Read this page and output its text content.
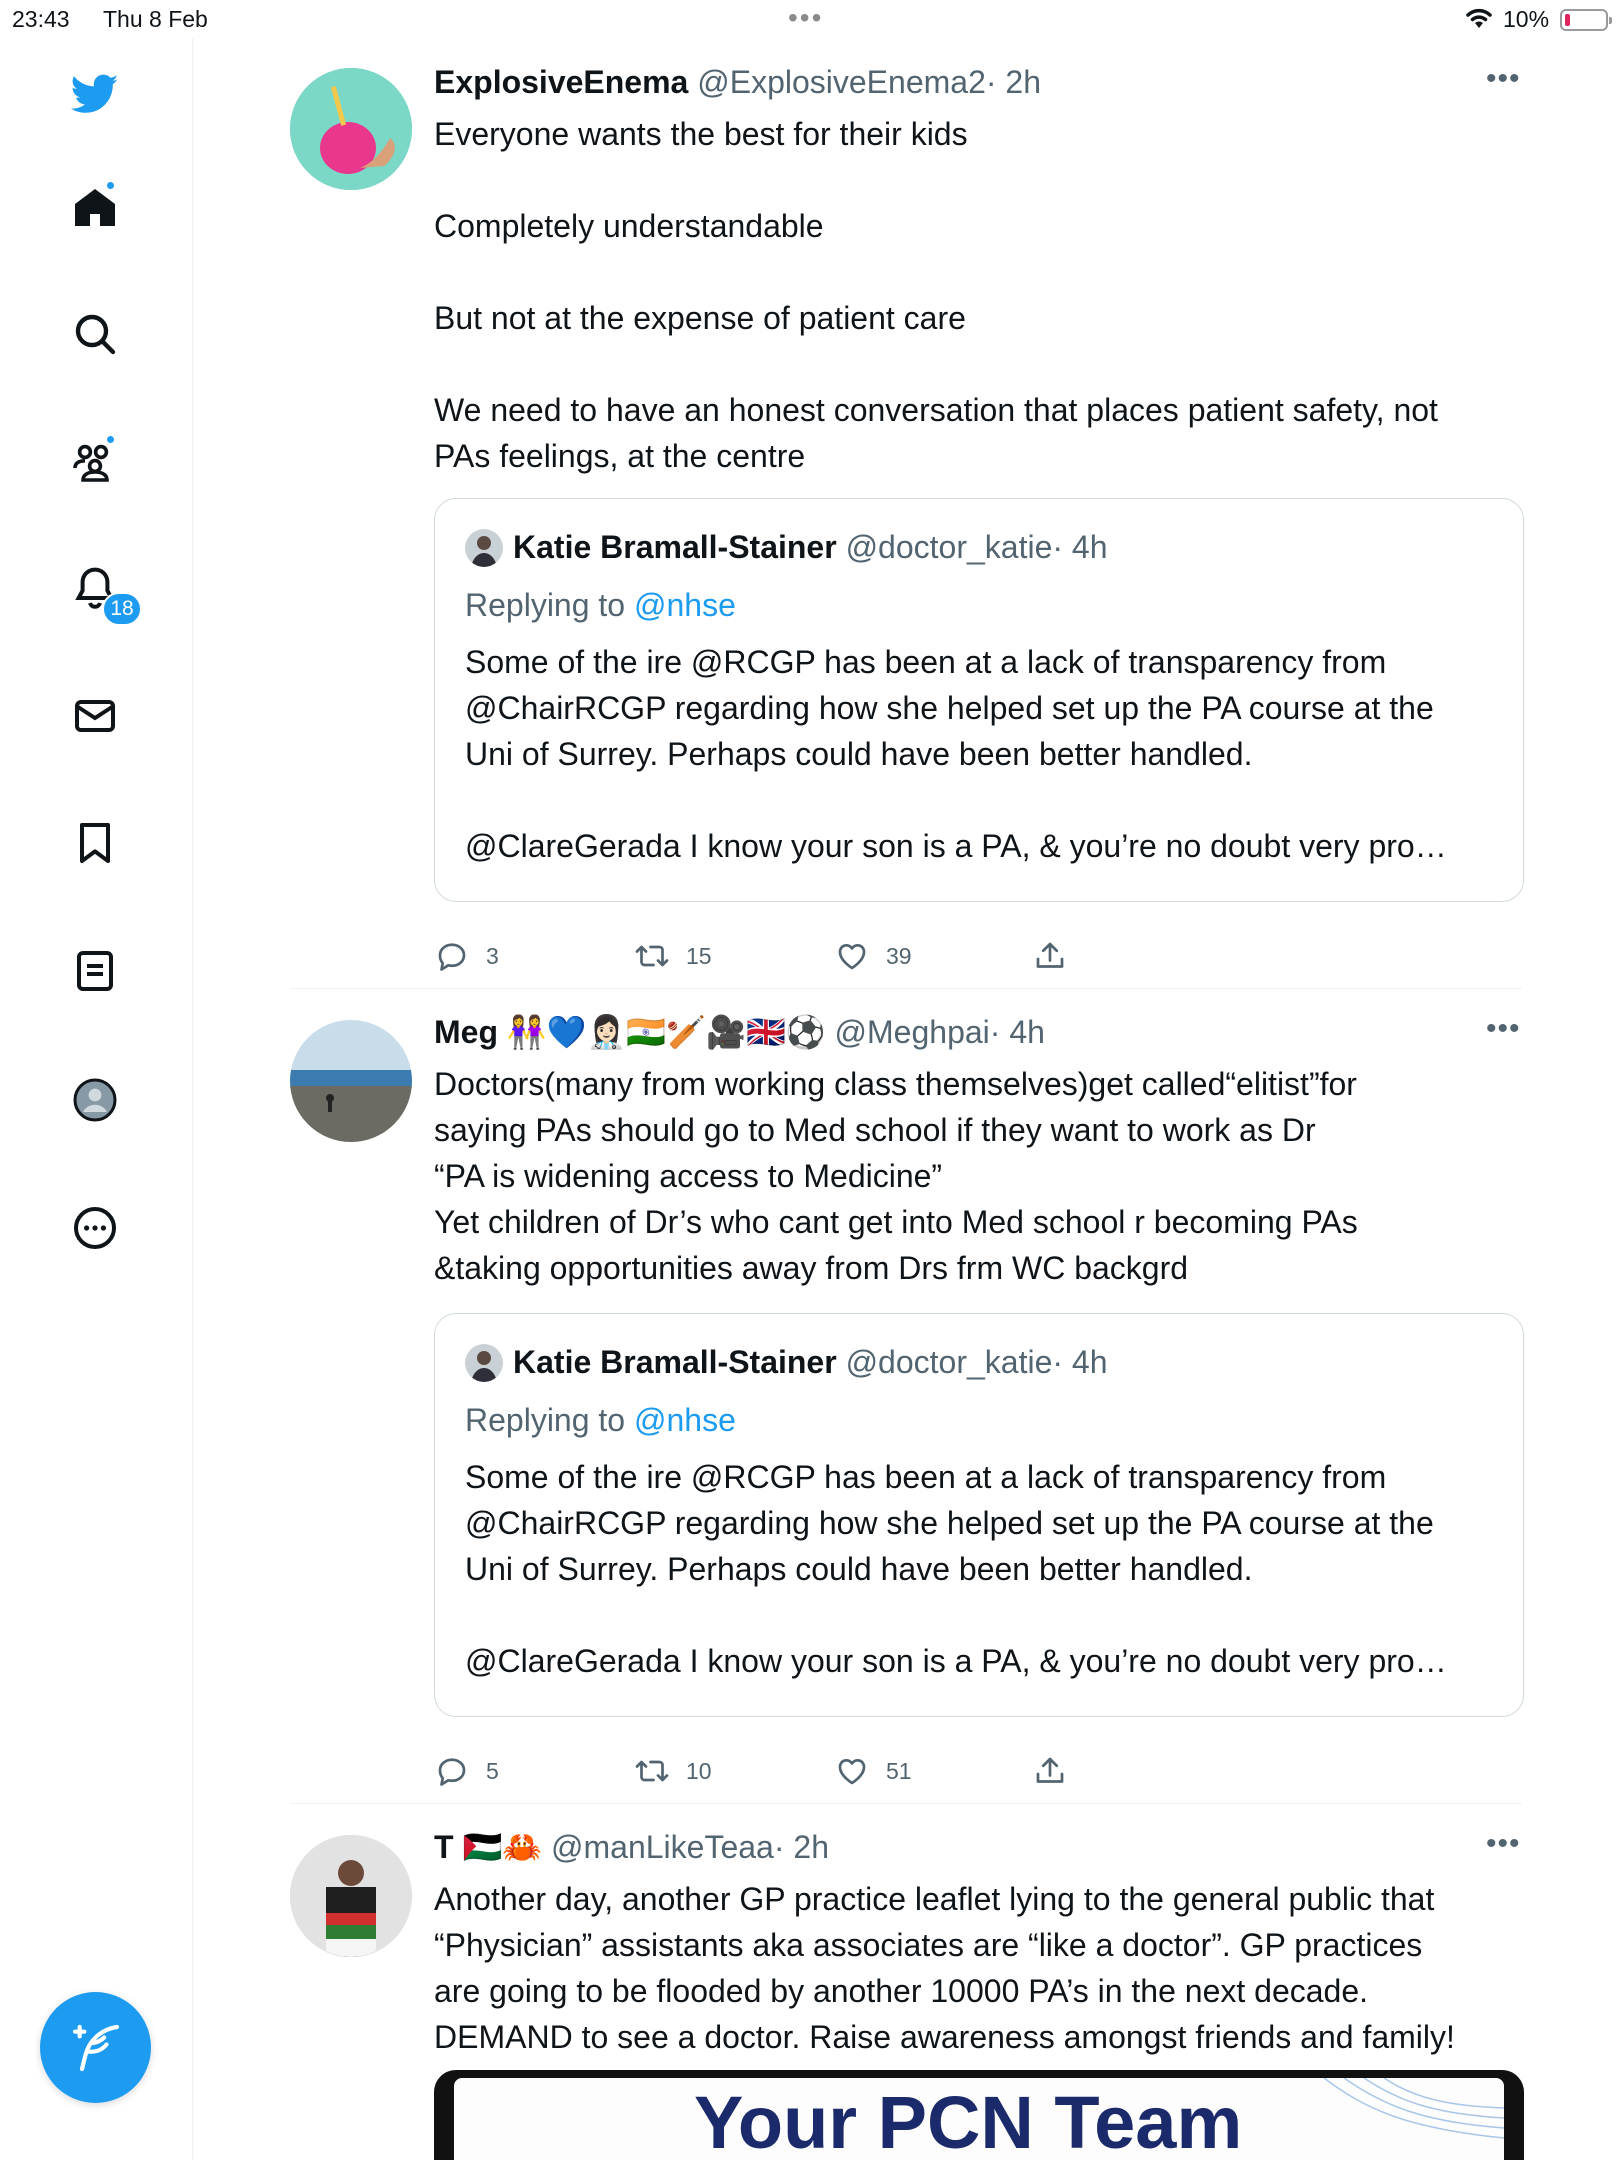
23:43 Thu 8 Feb	•••	10%
18
ExplosiveEnema @ExplosiveEnema2· 2h	•••

Everyone wants the best for their kids

Completely understandable

But not at the expense of patient care

We need to have an honest conversation that places patient safety, not

PAs feelings, at the centre

Katie Bramall-Stainer @doctor_katie· 4h
Replying to @nhse

Some of the ire @RCGP has been at a lack of transparency from

@ChairRCGP regarding how she helped set up the PA course at the

Uni of Surrey. Perhaps could have been better handled.

@ClareGerada I know your son is a PA, & you’re no doubt very pro…

3	15	39
Meg 👭💙👩🏻‍⚕️🇮🇳🏏🎥🇬🇧⚽️ @Meghpai· 4h	•••

Doctors(many from working class themselves)get called“elitist”for

saying PAs should go to Med school if they want to work as Dr

“PA is widening access to Medicine”

Yet children of Dr’s who cant get into Med school r becoming PAs

&taking opportunities away from Drs frm WC backgrd

Katie Bramall-Stainer @doctor_katie· 4h
Replying to @nhse

Some of the ire @RCGP has been at a lack of transparency from

@ChairRCGP regarding how she helped set up the PA course at the

Uni of Surrey. Perhaps could have been better handled.

@ClareGerada I know your son is a PA, & you’re no doubt very pro…

5	10	51
T 🇵🇸🦀 @manLikeTeaa· 2h	•••

Another day, another GP practice leaflet lying to the general public that

“Physician” assistants aka associates are “like a doctor”. GP practices

are going to be flooded by another 10000 PA’s in the next decade.

DEMAND to see a doctor. Raise awareness amongst friends and family!

Your PCN Team
